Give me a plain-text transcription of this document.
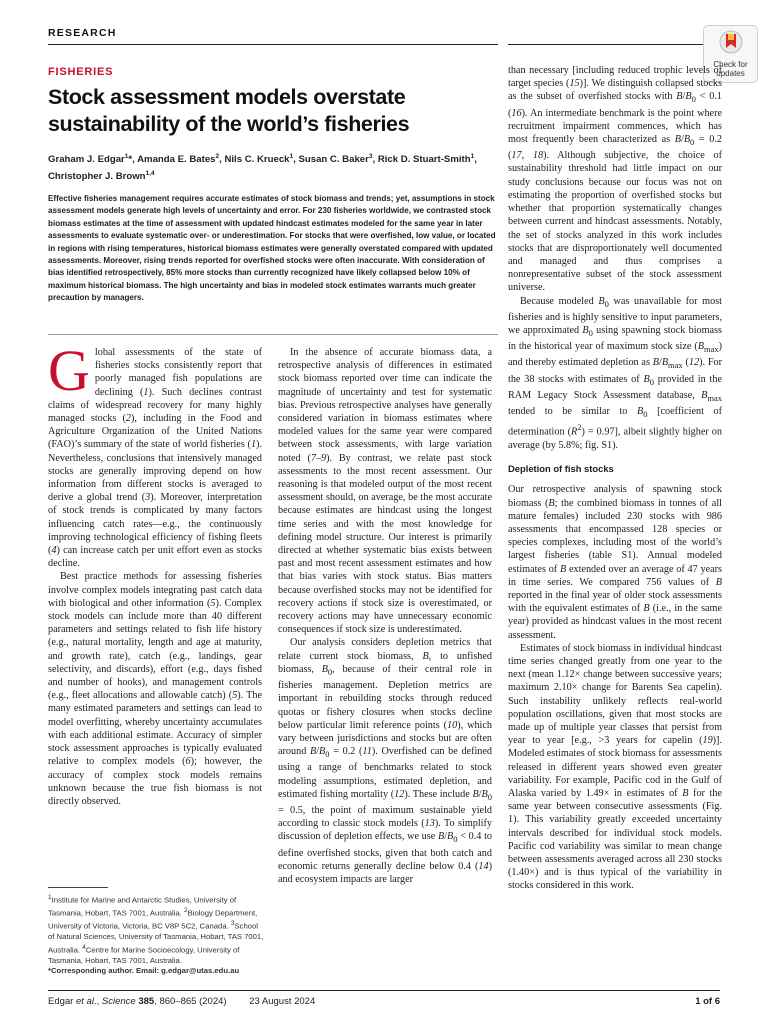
RESEARCH
Check for
updates
FISHERIES
Stock assessment models overstate sustainability of the world’s fisheries
Graham J. Edgar$^1$*, Amanda E. Bates$^2$, Nils C. Krueck$^1$, Susan C. Baker$^3$, Rick D. Stuart-Smith$^1$, Christopher J. Brown$^{1,4}$

Effective fisheries management requires accurate estimates of stock biomass and trends; yet, assumptions in stock assessment models generate high levels of uncertainty and error. For 230 fisheries worldwide, we contrasted stock biomass estimates at the time of assessment with updated hindcast estimates modeled for the same year in later assessments to evaluate systematic over- or underestimation. For stocks that were overfished, low value, or located in regions with rising temperatures, historical biomass estimates were generally overstated compared with updated assessments. Moreover, rising trends reported for overfished stocks were often inaccurate. With consideration of bias identified retrospectively, 85% more stocks than currently recognized have likely collapsed below 10% of maximum historical biomass. The high uncertainty and bias in modeled stock estimates warrants much greater precaution by managers.

G lobal assessments of the state of fisheries stocks consistently report that poorly managed fish populations are declining (1). Such declines contrast claims of widespread recovery for many highly managed stocks (2), including in the Food and Agriculture Organization of the United Nations (FAO)’s summary of the state of world fisheries (1). Nevertheless, conclusions that intensively managed stocks are generally improving depend on how information from different stocks is averaged to derive a global trend (3). Moreover, interpretation of stock trends is complicated by many factors influencing catch rates—e.g., the continuously improving technological efficiency of fishing fleets (4) can increase catch per unit effort even as stocks decline.

Best practice methods for assessing fisheries involve complex models integrating past catch data with biological and other information (5). Complex stock models can include more than 40 different parameters and settings related to fish life history (e.g., natural mortality, length and age at maturity, and growth rate), catch (e.g., landings, gear selectivity, and discards), effort (e.g., days fished and number of hooks), and management controls (e.g., fleet allocations and allowable catch) (5). The many estimated parameters and settings can lead to model overfitting, whereby uncertainty accumulates with each additional estimate. Accuracy of simpler stock assessment approaches is typically evaluated relative to complex models (6); however, the accuracy of complex stock models remains unknown because the true fish biomass is not directly observed.

In the absence of accurate biomass data, a retrospective analysis of differences in estimated stock biomass reported over time can indicate the magnitude of uncertainty and test for systematic bias. Previous retrospective analyses have generally considered variation in biomass estimates where modeled values for the same year were compared between stock assessments, with large variation noted (7–9). By contrast, we relate past stock assessments to the most recent assessment. Our reasoning is that modeled output of the most recent assessment should, on average, be the most accurate because estimates are hindcast using the longest time series and with the most knowledge for defining model structure. Our interest is primarily directed at whether systematic bias exists between past and most recent assessment estimates and how that bias varies with stock status. Bias matters because overfished stocks may not be identified for recovery actions if stock size is overestimated, or recovery actions may have unnecessary economic consequences if stock size is underestimated.

Our analysis considers depletion metrics that relate current stock biomass, B, to unfished biomass, $B_0$, because of their central role in fisheries management. Depletion metrics are important in rebuilding stocks through reduced quotas or fishery closures when stocks decline below particular limit reference points (10), which vary between jurisdictions and stocks but are often around $B/B_0 = 0.2$ (11). Overfished can be defined using a range of benchmarks related to stock modeling assumptions, estimated depletion, and estimated fishing mortality (12). These include $B/B_0 = 0.5$, the point of maximum sustainable yield according to classic stock models (13). To simplify discussion of depletion effects, we use $B/B_0 < 0.4$ to define overfished stocks, given that both catch and economic returns generally decline below 0.4 (14) and ecosystem impacts are larger

than necessary [including reduced trophic levels of target species (15)]. We distinguish collapsed stocks as the subset of overfished stocks with $B/B_0 < 0.1$ (16). An intermediate benchmark is the point where recruitment impairment commences, which has most frequently been characterized as $B/B_0 = 0.2$ (17, 18). Although subjective, the choice of sustainability threshold had little impact on our study conclusions because our focus was not on estimating the proportion of overfished stocks but whether that proportion systematically changes between current and hindcast assessments. Notably, the set of stocks analyzed in this work includes stocks that are disproportionately well documented and managed and thus comprises a nonrepresentative subset of the stock assessment universe.

Because modeled $B_0$ was unavailable for most fisheries and is highly sensitive to input parameters, we approximated $B_0$ using spawning stock biomass in the historical year of maximum stock size $(B_{max})$ and thereby estimated depletion as $B/B_{max}$ (12). For the 38 stocks with estimates of $B_0$ provided in the RAM Legacy Stock Assessment database, $B_{max}$ tended to be similar to $B_0$ [coefficient of determination $(R^2) = 0.97$], albeit slightly higher on average (by 5.8%; fig. S1).

Depletion of fish stocks

Our retrospective analysis of spawning stock biomass (B; the combined biomass in tonnes of all mature females) included 230 stocks with 986 assessments that encompassed 128 species or species complexes, including most of the world’s largest fisheries (table S1). Annual modeled estimates of B extended over an average of 47 years in time series. We compared 756 values of B reported in the final year of older stock assessments with the equivalent estimates of B (i.e., in the same year) provided as hindcast values in the most recent assessment.

Estimates of stock biomass in individual hindcast time series changed greatly from one year to the next (mean 1.12× change between successive years; maximum 2.10× change for Barents Sea capelin). Such instability unlikely reflects real-world population oscillations, given that most stocks are made up of multiple year classes that persist from year to year [e.g., >3 years for capelin (19)]. Modeled estimates of stock biomass for assessments released in different years showed even greater variability. For example, Pacific cod in the Gulf of Alaska varied by 1.49× in estimates of B for the same year between consecutive assessments (Fig. 1). This variability greatly exceeded uncertainty intervals described for individual stock models. Pacific cod variability was similar to mean change between assessments averaged across all 230 stocks (1.40×) and is thus typical of the variability in stocks considered in this work.

$^1$Institute for Marine and Antarctic Studies, University of Tasmania, Hobart, TAS 7001, Australia. $^2$Biology Department, University of Victoria, Victoria, BC V8P 5C2, Canada. $^3$School of Natural Sciences, University of Tasmania, Hobart, TAS 7001, Australia. $^4$Centre for Marine Socioecology, University of Tasmania, Hobart, TAS 7001, Australia.
*Corresponding author. Email: g.edgar@utas.edu.au
Edgar et al., Science 385, 860–865 (2024) 23 August 2024	1 of 6
